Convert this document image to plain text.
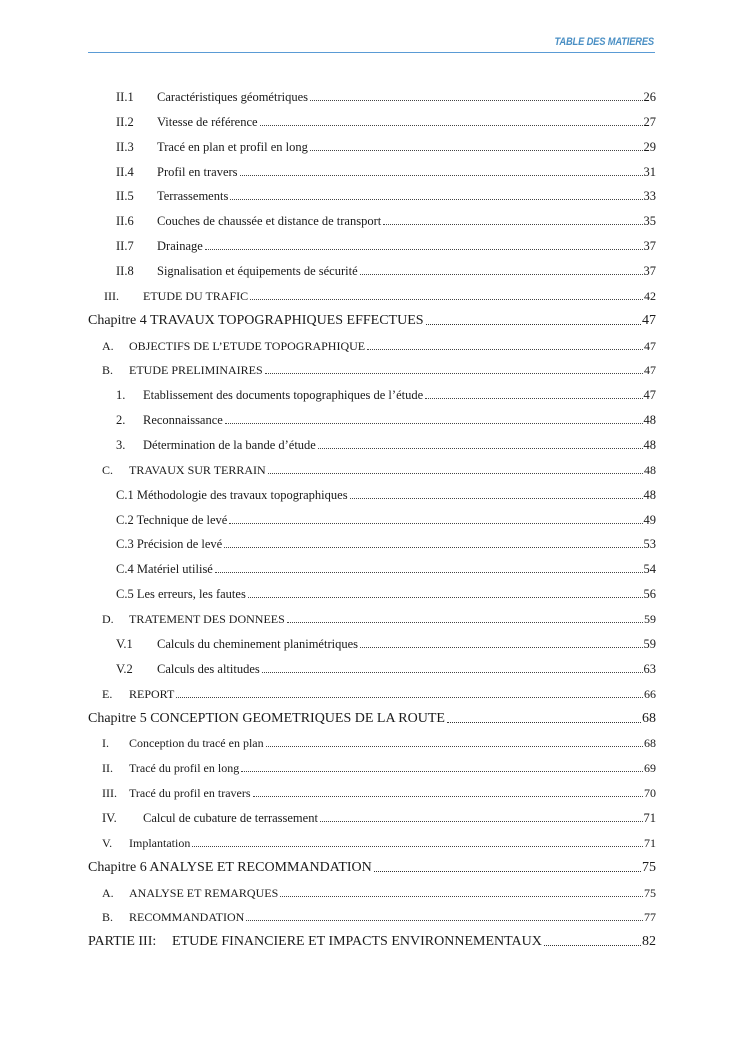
TABLE DES MATIERES
II.1 Caractéristiques géométriques	26
II.2 Vitesse de référence	27
II.3 Tracé en plan et profil en long	29
II.4 Profil en travers	31
II.5 Terrassements	33
II.6 Couches de chaussée et distance de transport	35
II.7 Drainage	37
II.8 Signalisation et équipements de sécurité	37
III. ETUDE DU TRAFIC	42
Chapitre 4 TRAVAUX TOPOGRAPHIQUES EFFECTUES	47
A. OBJECTIFS DE L’ETUDE TOPOGRAPHIQUE	47
B. ETUDE PRELIMINAIRES	47
1. Etablissement des documents topographiques de l’étude	47
2. Reconnaissance	48
3. Détermination de la bande d’étude	48
C. TRAVAUX SUR TERRAIN	48
C.1 Méthodologie des travaux topographiques	48
C.2 Technique de levé	49
C.3 Précision de levé	53
C.4 Matériel utilisé	54
C.5 Les erreurs, les fautes	56
D. TRATEMENT DES DONNEES	59
V.1 Calculs du cheminement planimétriques	59
V.2 Calculs des altitudes	63
E. REPORT	66
Chapitre 5 CONCEPTION GEOMETRIQUES DE LA ROUTE	68
I. Conception du tracé en plan	68
II. Tracé du profil en long	69
III. Tracé du profil en travers	70
IV. Calcul de cubature de terrassement	71
V. Implantation	71
Chapitre 6 ANALYSE ET RECOMMANDATION	75
A. ANALYSE ET REMARQUES	75
B. RECOMMANDATION	77
PARTIE III: ETUDE FINANCIERE ET IMPACTS ENVIRONNEMENTAUX	82
